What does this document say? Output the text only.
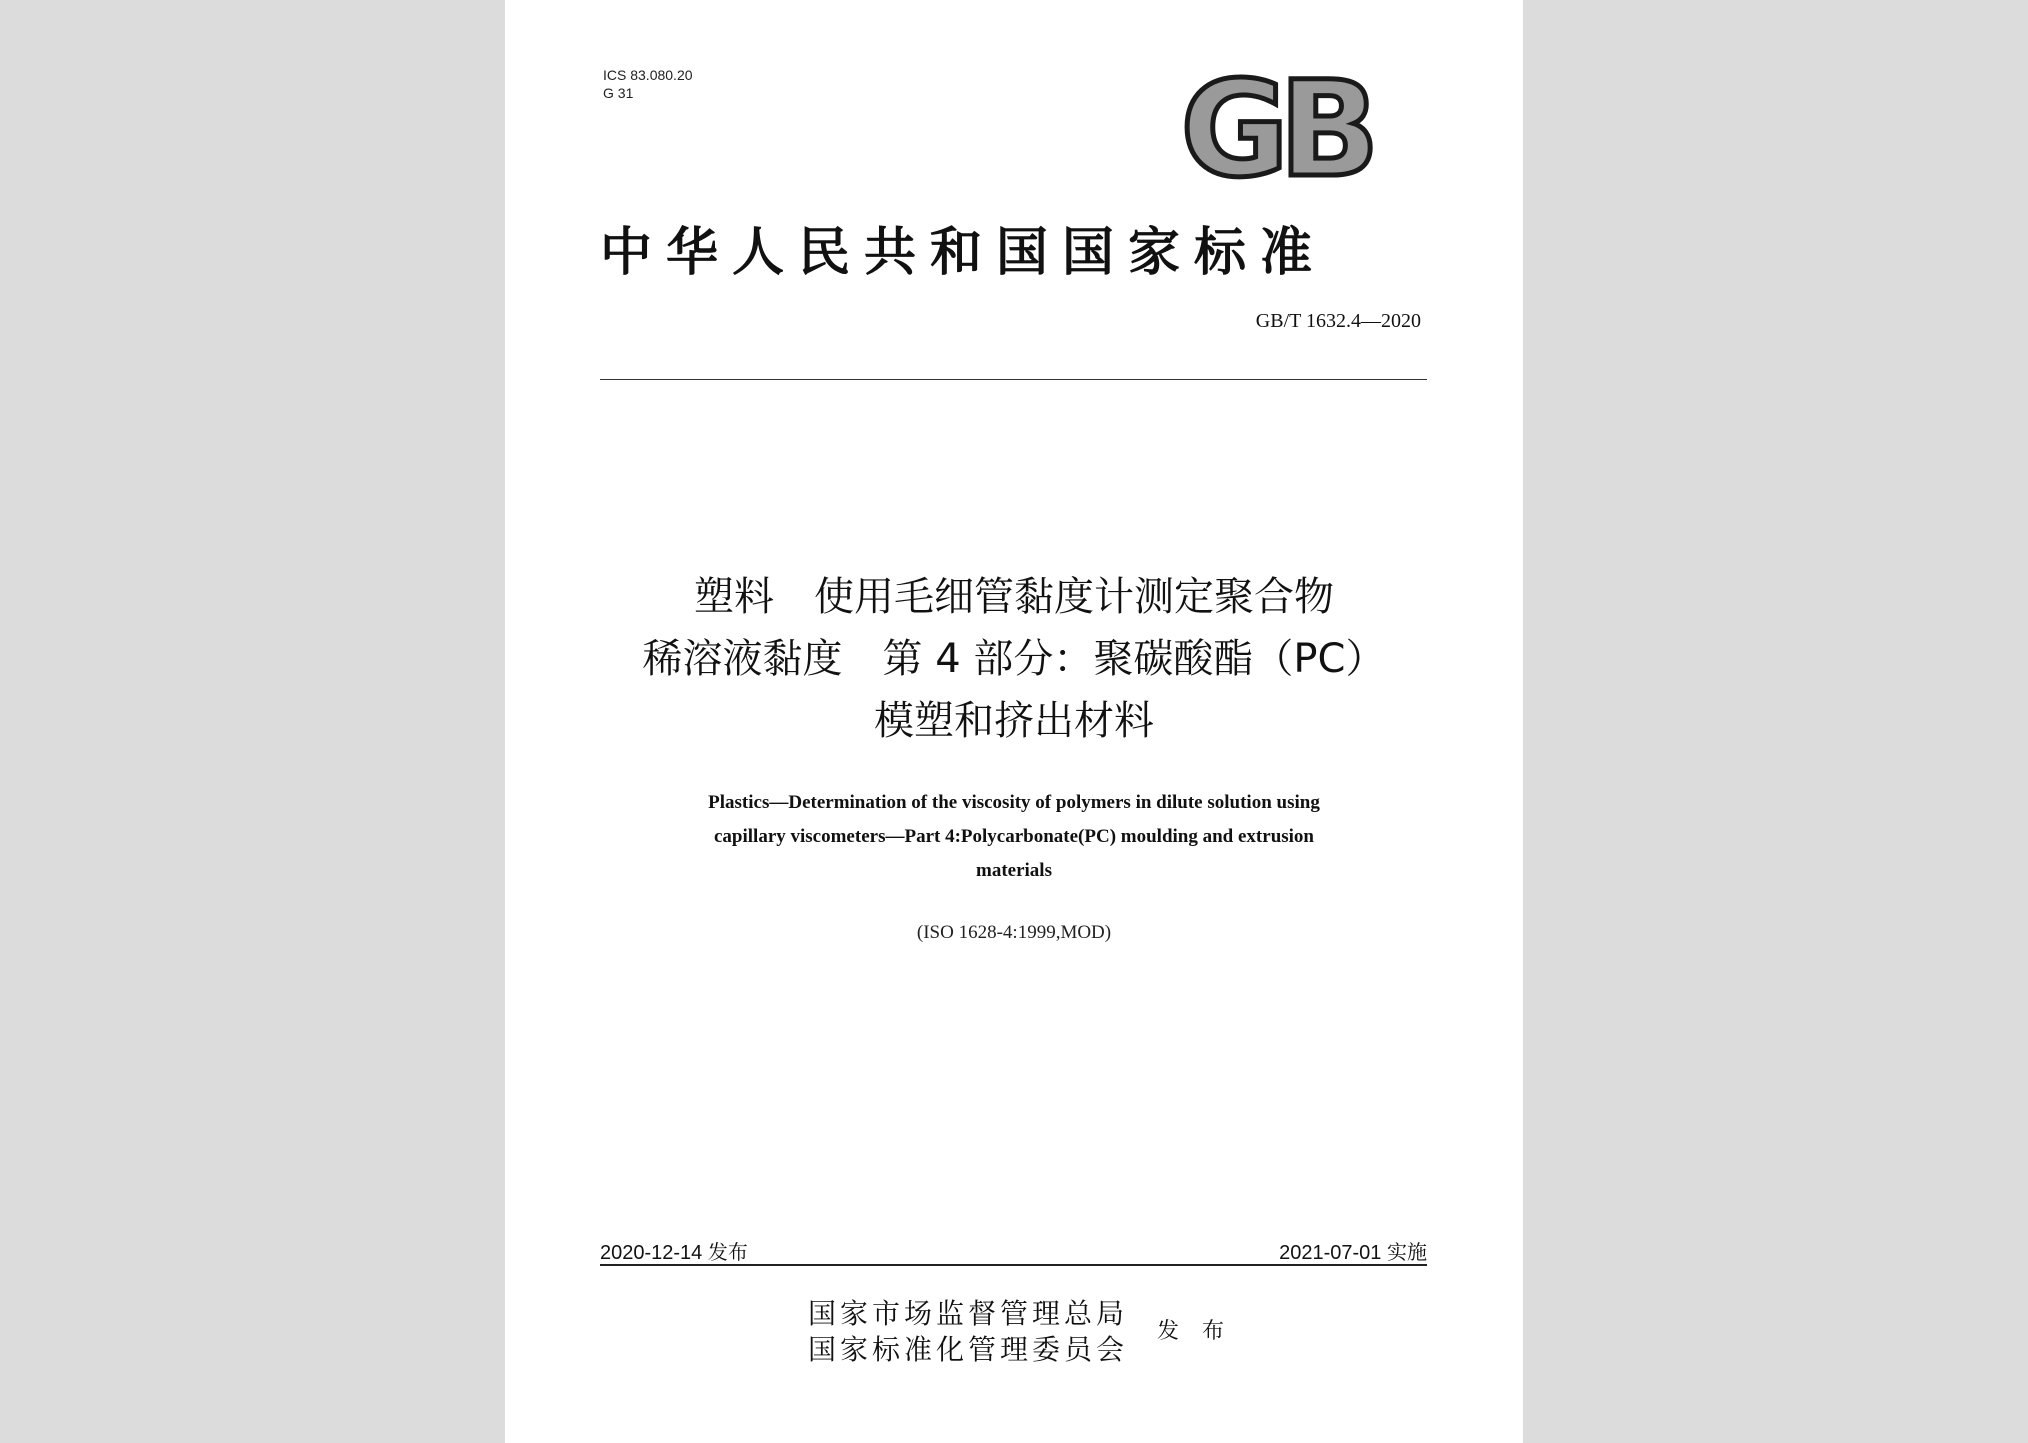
ICS 83.080.20
G 31	GB
中华人民共和国国家标准
GB/T 1632.4—2020
塑料　使用毛细管黏度计测定聚合物
稀溶液黏度　第 4 部分：聚碳酸酯（PC）
模塑和挤出材料
Plastics—Determination of the viscosity of polymers in dilute solution using
capillary viscometers—Part 4:Polycarbonate(PC) moulding and extrusion
materials
(ISO 1628-4:1999,MOD)
2020-12-14 发布	2021-07-01 实施
国家市场监督管理总局
国家标准化管理委员会
发 布
